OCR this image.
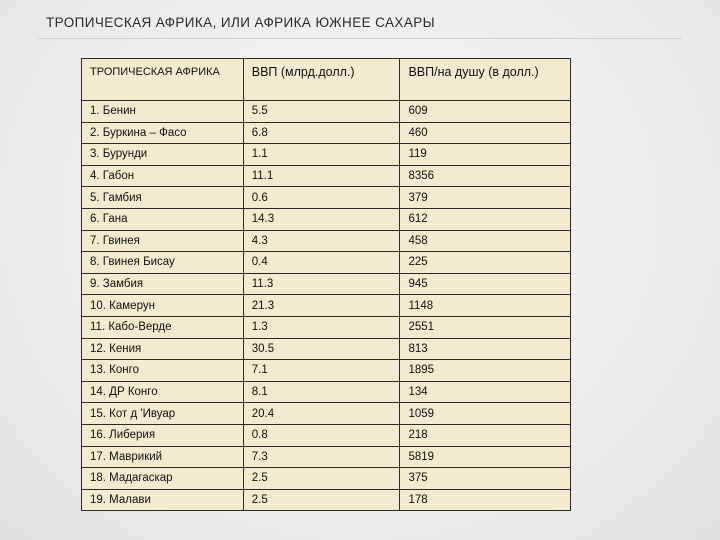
ТРОПИЧЕСКАЯ АФРИКА, ИЛИ АФРИКА ЮЖНЕЕ САХАРЫ
ТРОПИЧЕСКАЯ АФРИКА	ВВП (млрд.долл.)	ВВП/на душу (в долл.)
1. Бенин	5.5	609
2. Буркина – Фасо	6.8	460
3. Бурунди	1.1	119
4. Габон	11.1	8356
5. Гамбия	0.6	379
6. Гана	14.3	612
7. Гвинея	4.3	458
8. Гвинея Бисау	0.4	225
9. Замбия	11.3	945
10. Камерун	21.3	1148
11. Кабо-Верде	1.3	2551
12. Кения	30.5	813
13. Конго	7.1	1895
14. ДР Конго	8.1	134
15. Кот д 'Ивуар	20.4	1059
16. Либерия	0.8	218
17. Маврикий	7.3	5819
18. Мадагаскар	2.5	375
19. Малави	2.5	178
